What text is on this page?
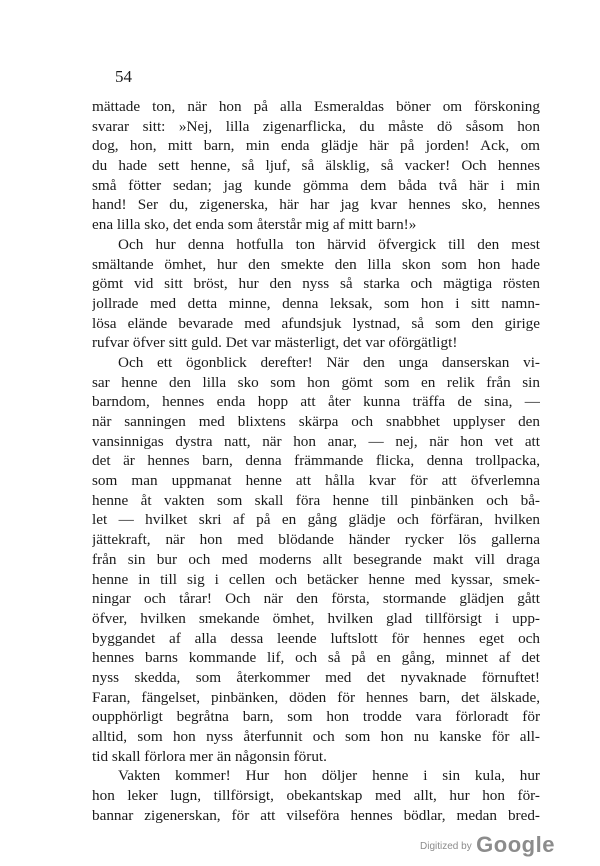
54
mättade ton, när hon på alla Esmeraldas böner om förskoning
svarar sitt: »Nej, lilla zigenarflicka, du måste dö såsom hon
dog, hon, mitt barn, min enda glädje här på jorden! Ack, om
du hade sett henne, så ljuf, så älsklig, så vacker! Och hennes
små fötter sedan; jag kunde gömma dem båda två här i min
hand! Ser du, zigenerska, här har jag kvar hennes sko, hennes
ena lilla sko, det enda som återstår mig af mitt barn!»
Och hur denna hotfulla ton härvid öfvergick till den mest
smältande ömhet, hur den smekte den lilla skon som hon hade
gömt vid sitt bröst, hur den nyss så starka och mägtiga rösten
jollrade med detta minne, denna leksak, som hon i sitt namn-
lösa elände bevarade med afundsjuk lystnad, så som den girige
rufvar öfver sitt guld. Det var mästerligt, det var oförgätligt!
Och ett ögonblick derefter! När den unga danserskan vi-
sar henne den lilla sko som hon gömt som en relik från sin
barndom, hennes enda hopp att åter kunna träffa de sina, —
när sanningen med blixtens skärpa och snabbhet upplyser den
vansinnigas dystra natt, när hon anar, — nej, när hon vet att
det är hennes barn, denna främmande flicka, denna trollpacka,
som man uppmanat henne att hålla kvar för att öfverlemna
henne åt vakten som skall föra henne till pinbänken och bå-
let — hvilket skri af på en gång glädje och förfäran, hvilken
jättekraft, när hon med blödande händer rycker lös gallerna
från sin bur och med moderns allt besegrande makt vill draga
henne in till sig i cellen och betäcker henne med kyssar, smek-
ningar och tårar! Och när den första, stormande glädjen gått
öfver, hvilken smekande ömhet, hvilken glad tillförsigt i upp-
byggandet af alla dessa leende luftslott för hennes eget och
hennes barns kommande lif, och så på en gång, minnet af det
nyss skedda, som återkommer med det nyvaknade förnuftet!
Faran, fängelset, pinbänken, döden för hennes barn, det älskade,
oupphörligt begråtna barn, som hon trodde vara förloradt för
alltid, som hon nyss återfunnit och som hon nu kanske för all-
tid skall förlora mer än någonsin förut.
Vakten kommer! Hur hon döljer henne i sin kula, hur
hon leker lugn, tillförsigt, obekantskap med allt, hur hon för-
bannar zigenerskan, för att vilseföra hennes bödlar, medan bred-
Digitized by Google
